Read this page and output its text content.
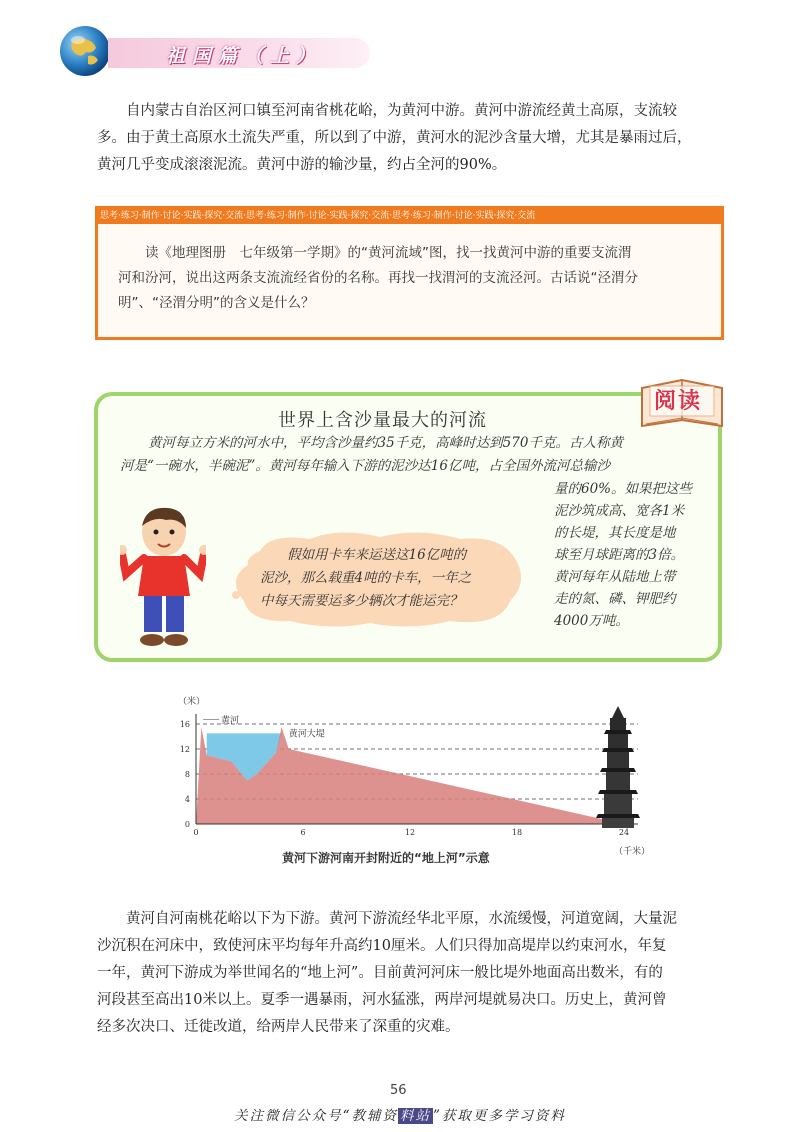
祖国篇（上）

　　自内蒙古自治区河口镇至河南省桃花峪，为黄河中游。黄河中游流经黄土高原，支流较
多。由于黄土高原水土流失严重，所以到了中游，黄河水的泥沙含量大增，尤其是暴雨过后，
黄河几乎变成滚滚泥流。黄河中游的输沙量，约占全河的90%。

思考·练习·制作·讨论·实践·探究·交流·思考·练习·制作·讨论·实践·探究·交流·思考·练习·制作·讨论·实践·探究·交流
读《地理图册　七年级第一学期》的“黄河流域”图，找一找黄河中游的重要支流渭
河和汾河，说出这两条支流流经省份的名称。再找一找渭河的支流泾河。古话说“泾渭分
明”、“泾渭分明”的含义是什么？
阅读
世界上含沙量最大的河流
黄河每立方米的河水中，平均含沙量约35千克，高峰时达到570千克。古人称黄
河是“一碗水，半碗泥”。黄河每年输入下游的泥沙达16亿吨，占全国外流河总输沙
量的60%。如果把这些
泥沙筑成高、宽各1米
的长堤，其长度是地
球至月球距离的3倍。
黄河每年从陆地上带
走的氮、磷、钾肥约
4000万吨。
假如用卡车来运送这16亿吨的
泥沙，那么载重4吨的卡车，一年之
中每天需要运多少辆次才能运完？
0
4
8
12
16
0	6	12	18	24
（米）
（千米）
黄河
黄河大堤
黄河下游河南开封附近的“地上河”示意

　　黄河自河南桃花峪以下为下游。黄河下游流经华北平原，水流缓慢，河道宽阔，大量泥
沙沉积在河床中，致使河床平均每年升高约10厘米。人们只得加高堤岸以约束河水，年复
一年，黄河下游成为举世闻名的“地上河”。目前黄河河床一般比堤外地面高出数米，有的
河段甚至高出10米以上。夏季一遇暴雨，河水猛涨，两岸河堤就易决口。历史上，黄河曾
经多次决口、迁徙改道，给两岸人民带来了深重的灾难。

56
关注微信公众号“教辅资 料站 ”获取更多学习资料
